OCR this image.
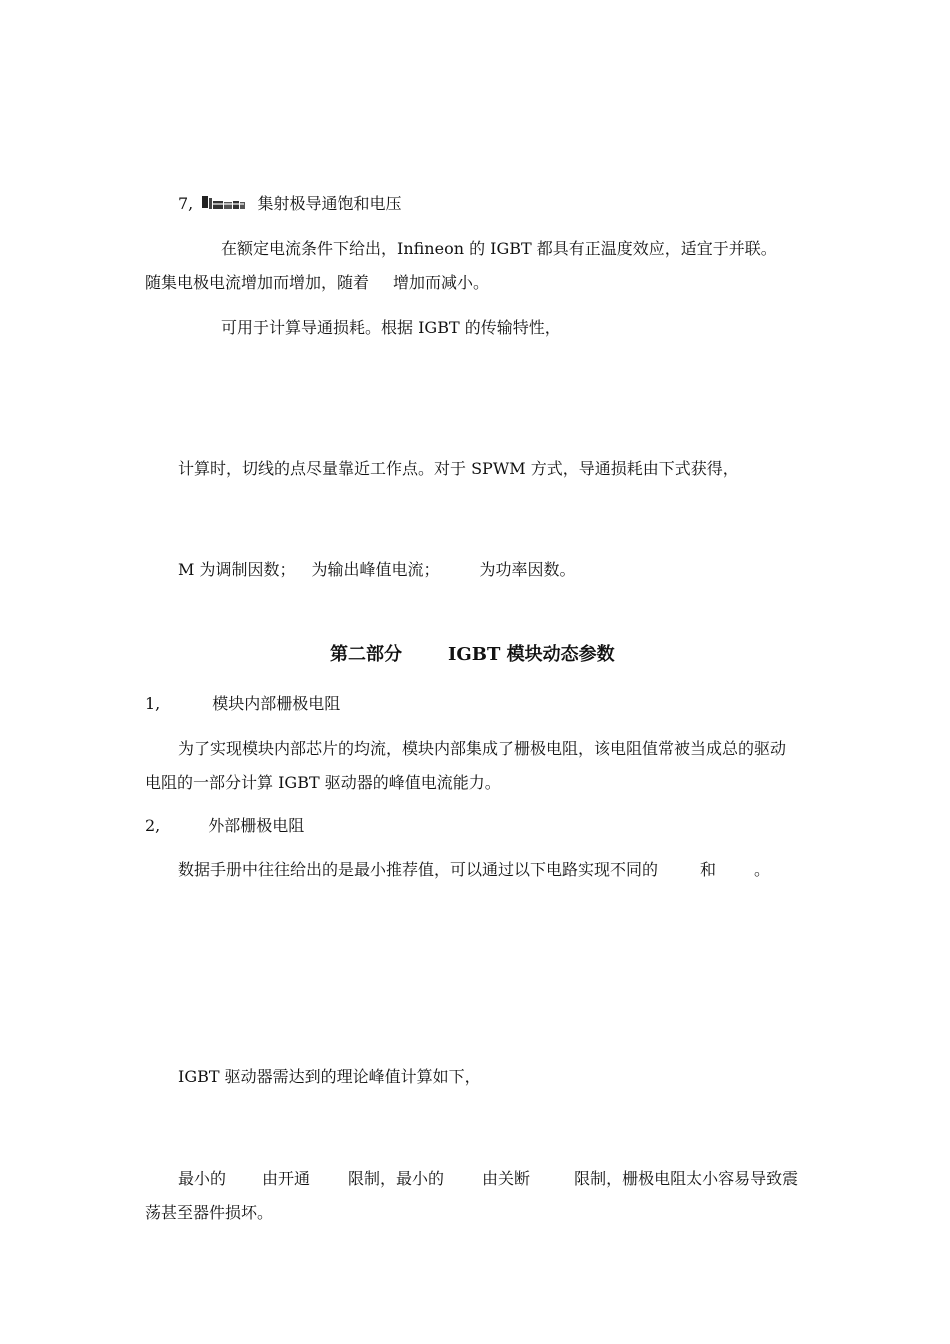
7,	集射极导通饱和电压
在额定电流条件下给出，Infineon 的 IGBT 都具有正温度效应，适宜于并联。
随集电极电流增加而增加，随着 增加而减小。
可用于计算导通损耗。根据 IGBT 的传输特性，
计算时，切线的点尽量靠近工作点。对于 SPWM 方式，导通损耗由下式获得，
M 为调制因数； 为输出峰值电流；	为功率因数。
第二部分	IGBT 模块动态参数
1,	模块内部栅极电阻
为了实现模块内部芯片的均流，模块内部集成了栅极电阻，该电阻值常被当成总的驱动
电阻的一部分计算 IGBT 驱动器的峰值电流能力。
2,	外部栅极电阻
数据手册中往往给出的是最小推荐值，可以通过以下电路实现不同的	和 。
IGBT 驱动器需达到的理论峰值计算如下，
最小的 由开通 限制，最小的 由关断	限制，栅极电阻太小容易导致震
荡甚至器件损坏。
